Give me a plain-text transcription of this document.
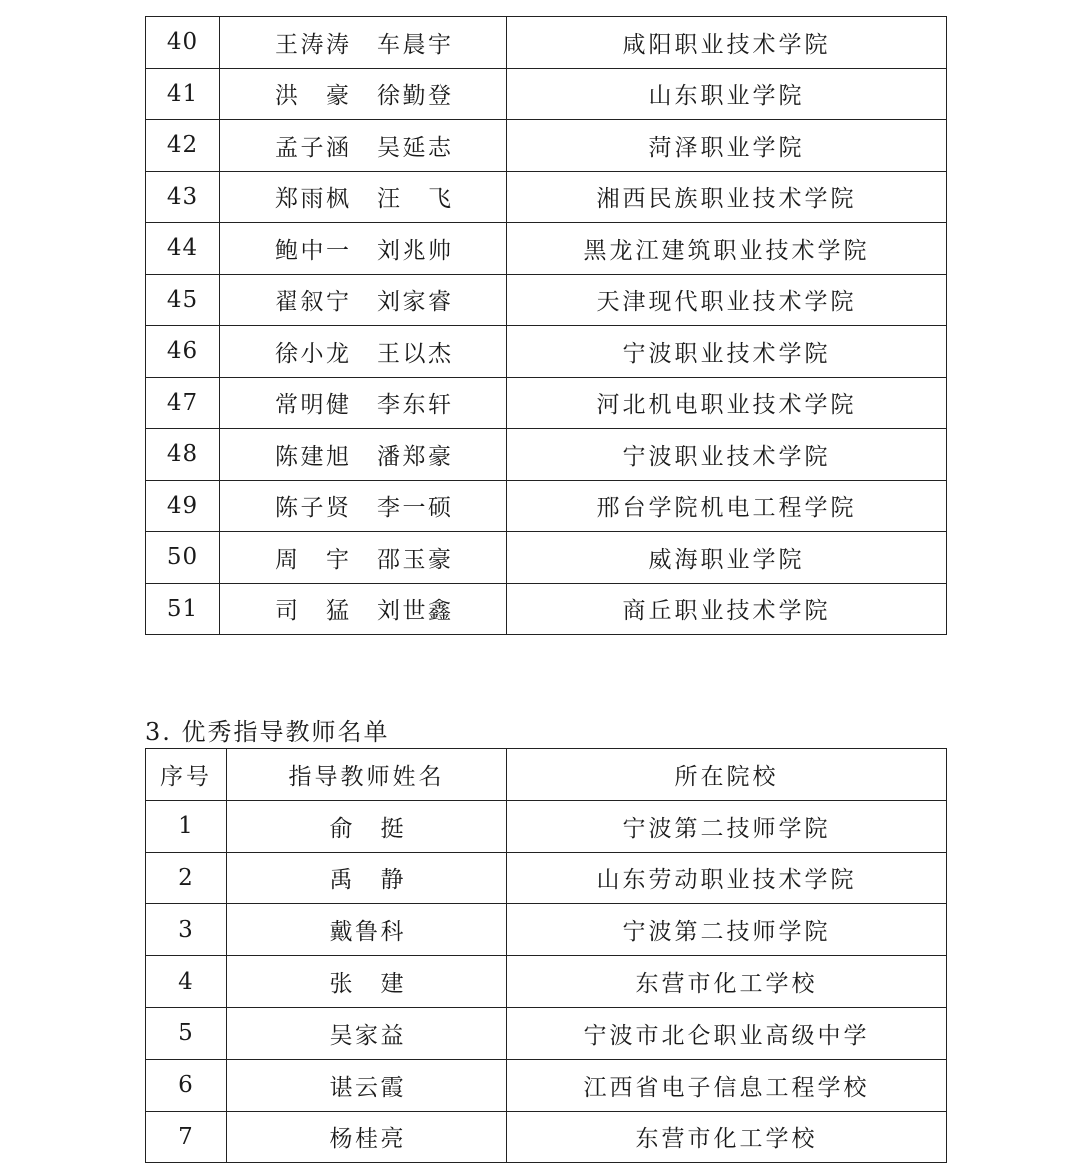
40	王涛涛 车晨宇	咸阳职业技术学院
41	洪 豪 徐勤登	山东职业学院
42	孟子涵 吴延志	菏泽职业学院
43	郑雨枫 汪 飞	湘西民族职业技术学院
44	鲍中一 刘兆帅	黑龙江建筑职业技术学院
45	翟叙宁 刘家睿	天津现代职业技术学院
46	徐小龙 王以杰	宁波职业技术学院
47	常明健 李东轩	河北机电职业技术学院
48	陈建旭 潘郑豪	宁波职业技术学院
49	陈子贤 李一硕	邢台学院机电工程学院
50	周 宇 邵玉豪	威海职业学院
51	司 猛 刘世鑫	商丘职业技术学院
3. 优秀指导教师名单
序号	指导教师姓名	所在院校
1	俞 挺	宁波第二技师学院
2	禹 静	山东劳动职业技术学院
3	戴鲁科	宁波第二技师学院
4	张 建	东营市化工学校
5	吴家益	宁波市北仑职业高级中学
6	谌云霞	江西省电子信息工程学校
7	杨桂亮	东营市化工学校
